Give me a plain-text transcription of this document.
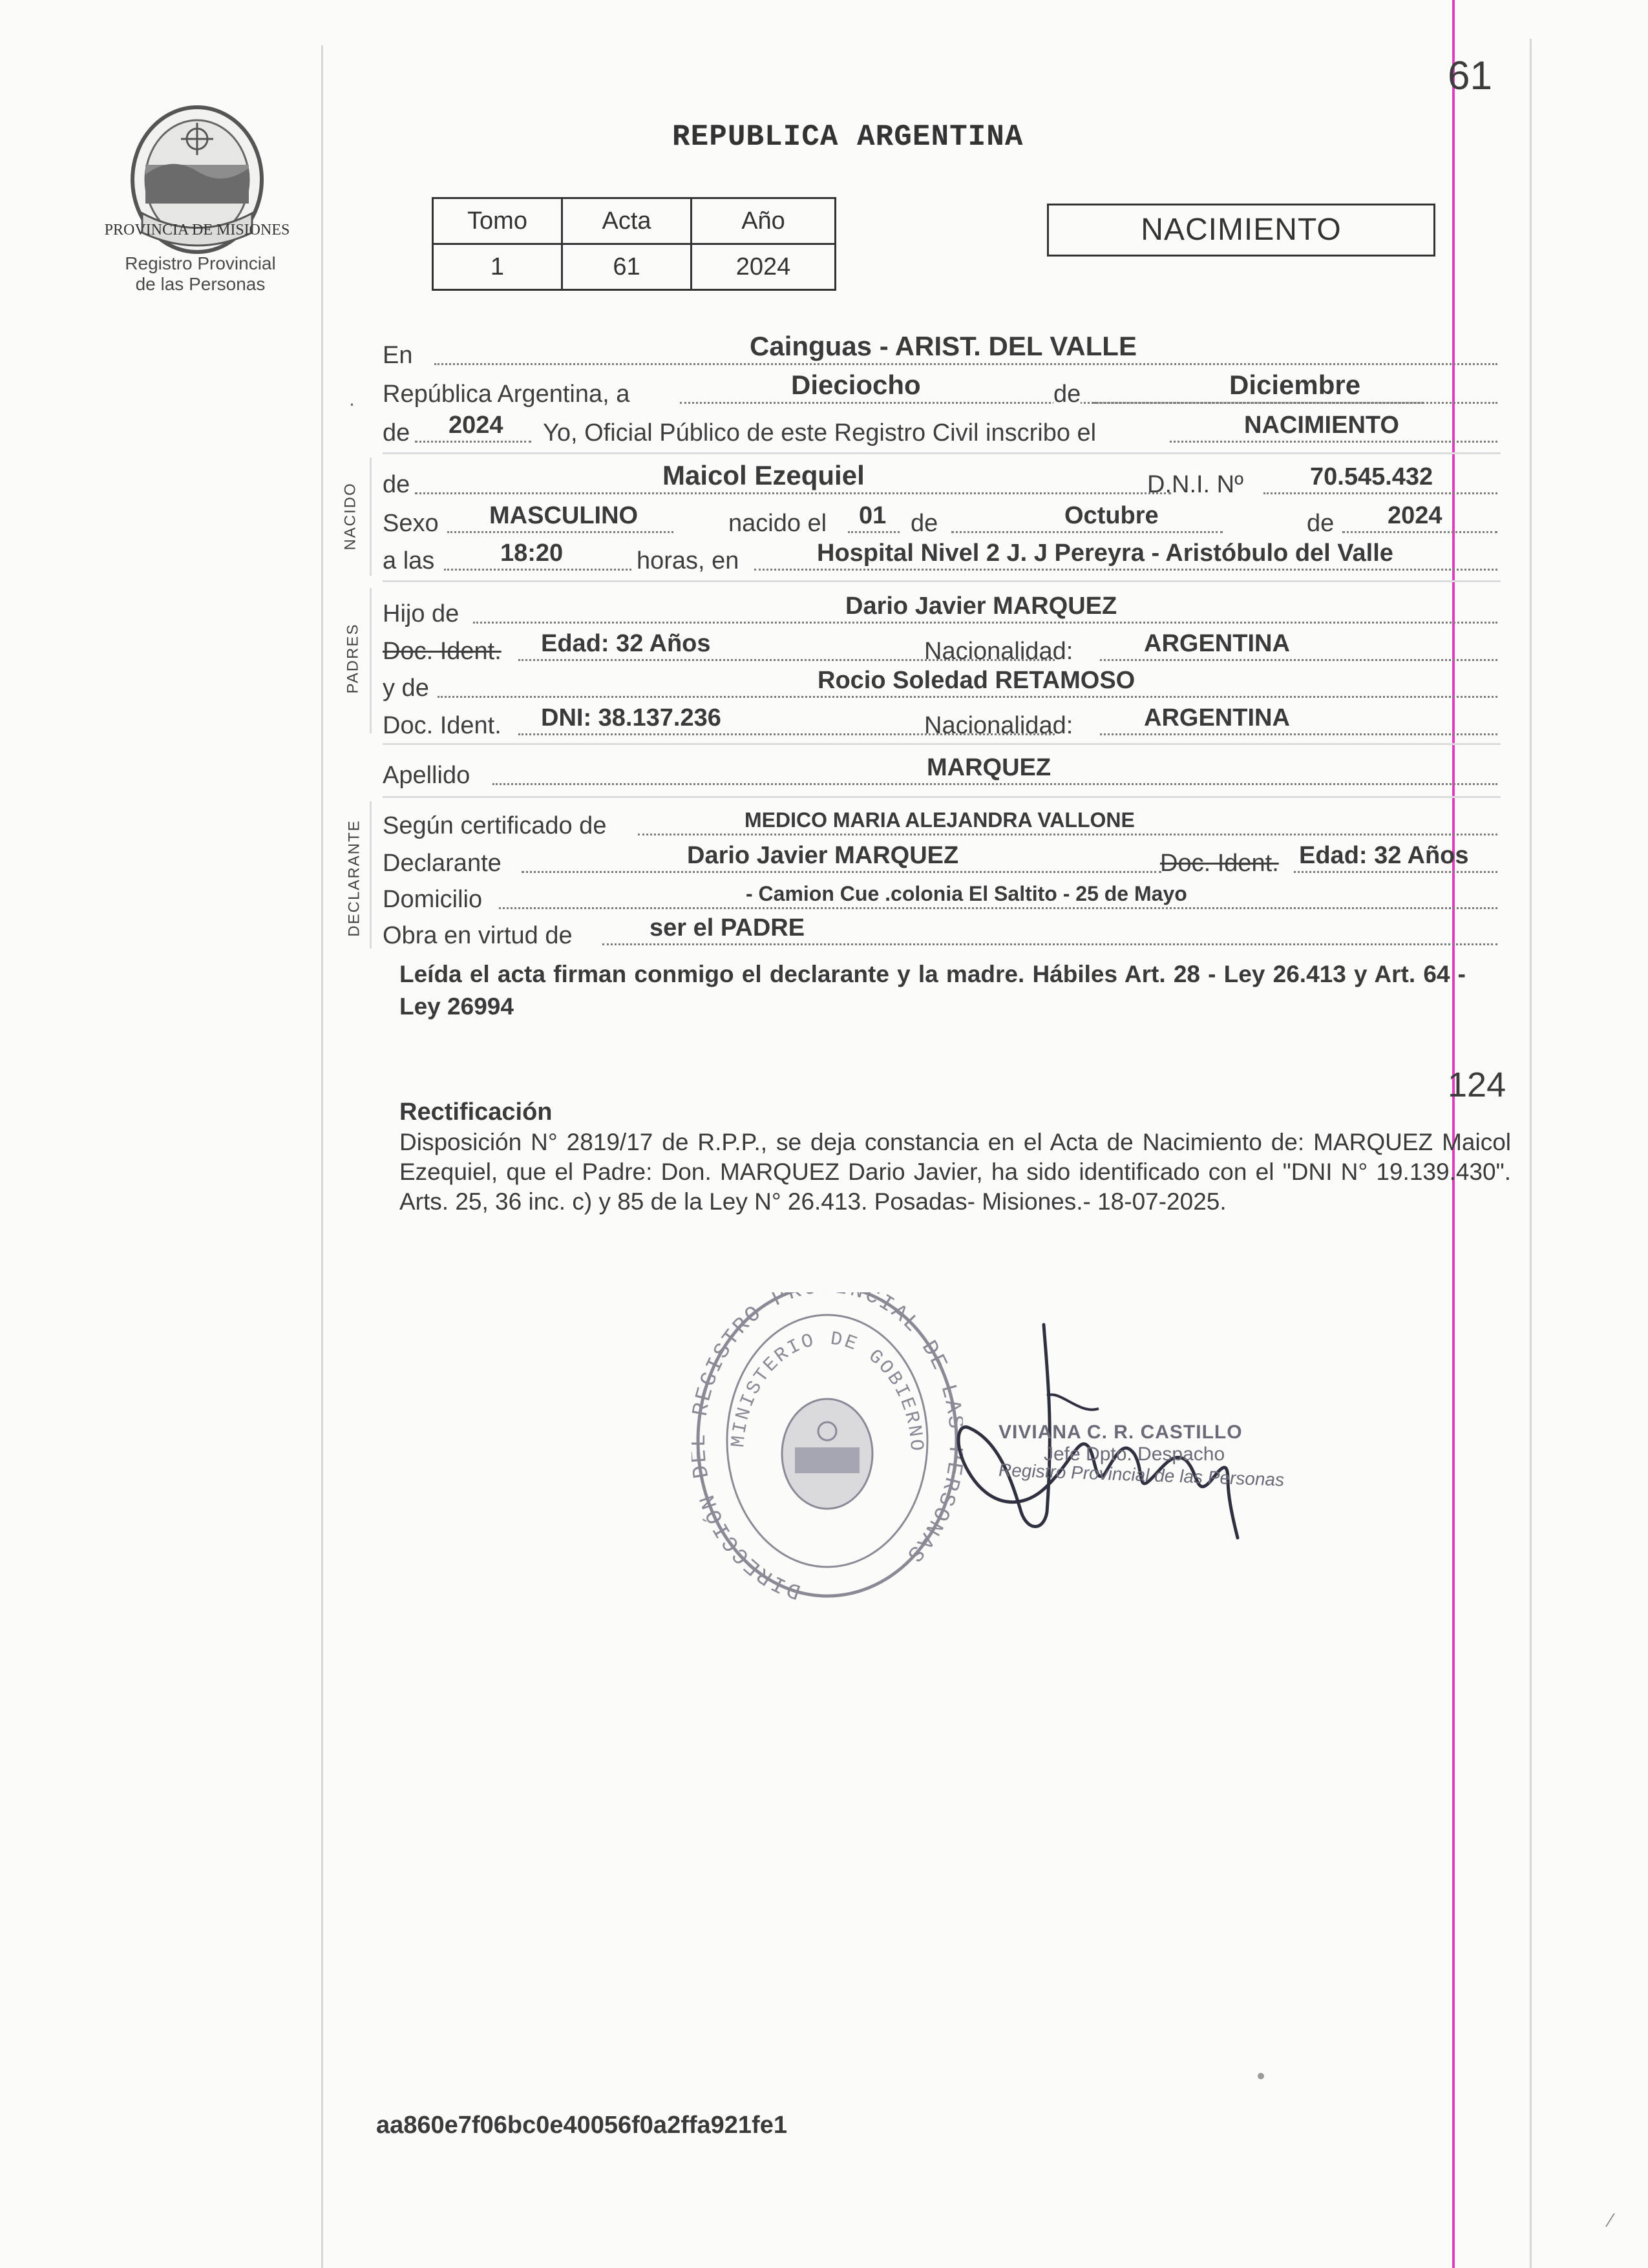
PROVINCIA DE MISIONES
Registro Provincial
de las Personas
61
REPUBLICA ARGENTINA
Tomo	Acta	Año
1	61	2024
NACIMIENTO
En	Cainguas - ARIST. DEL VALLE
⋅ República Argentina, a	Dieciocho	de	Diciembre
de 2024 Yo, Oficial Público de este Registro Civil inscribo el	NACIMIENTO
NACIDO de	Maicol Ezequiel	D.N.I. Nº	70.545.432
Sexo MASCULINO	nacido el 01 de	Octubre	de 2024
a las	18:20	horas, en	Hospital Nivel 2 J. J Pereyra - Aristóbulo del Valle
PADRES
Hijo de	Dario Javier MARQUEZ
Doc. Ident. Edad: 32 Años	Nacionalidad:	ARGENTINA
y de	Rocio Soledad RETAMOSO
Doc. Ident. DNI: 38.137.236	Nacionalidad:	ARGENTINA
Apellido	MARQUEZ
DECLARANTE Según certificado de	MEDICO MARIA ALEJANDRA VALLONE
Declarante	Dario Javier MARQUEZ	Doc. Ident. Edad: 32 Años
Domicilio	- Camion Cue .colonia El Saltito - 25 de Mayo
Obra en virtud de	ser el PADRE
Leída el acta firman conmigo el declarante y la madre. Hábiles Art. 28 - Ley 26.413 y Art. 64 - Ley 26994
124
Rectificación
Disposición N° 2819/17 de R.P.P., se deja constancia en el Acta de Nacimiento de: MARQUEZ Maicol Ezequiel, que el Padre: Don. MARQUEZ Dario Javier, ha sido identificado con el "DNI N° 19.139.430". Arts. 25, 36 inc. c) y 85 de la Ley N° 26.413. Posadas- Misiones.- 18-07-2025.
DIRECCIÓN EGISTRO P CIAL DE LA RSONAS
MINISTERIO DE GOBIERNO
VIVIANA C. R. CASTILLO
Jefe Dpto. Despacho
Registro Provincial de las Personas
⁄
aa860e7f06bc0e40056f0a2ffa921fe1
